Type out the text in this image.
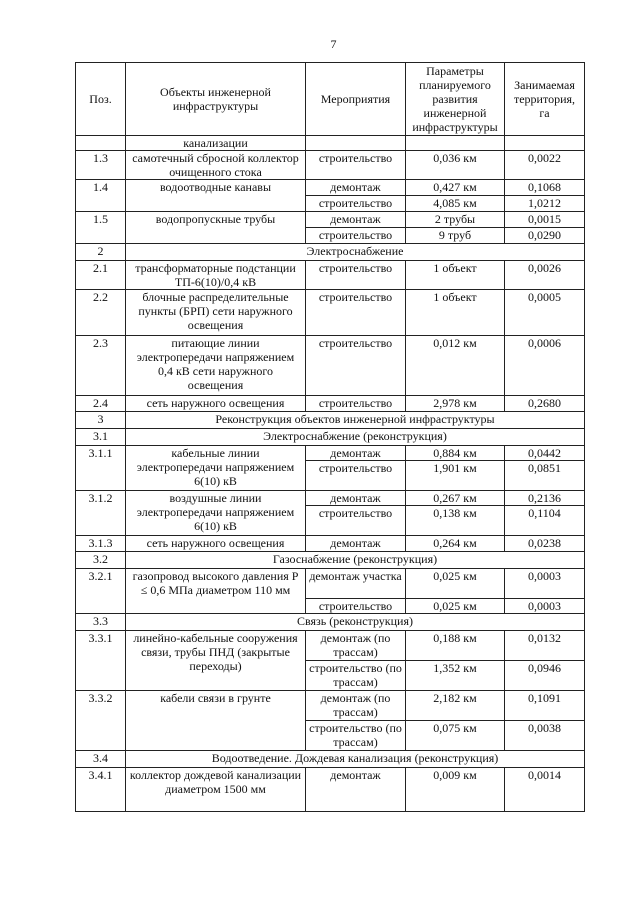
7
Поз.	Объекты инженерной инфраструктуры	Мероприятия	Параметры планируемого развития инженерной инфраструктуры	Занимаемая территория, га
	канализации			
1.3	самотечный сбросной коллектор очищенного стока	строительство	0,036 км	0,0022
1.4	водоотводные канавы	демонтаж	0,427 км	0,1068
		строительство	4,085 км	1,0212
1.5	водопропускные трубы	демонтаж	2 трубы	0,0015
		строительство	9 труб	0,0290
2	Электроснабжение			
2.1	трансформаторные подстанции ТП-6(10)/0,4 кВ	строительство	1 объект	0,0026
2.2	блочные распределительные пункты (БРП) сети наружного освещения	строительство	1 объект	0,0005
2.3	питающие линии электропередачи напряжением 0,4 кВ сети наружного освещения	строительство	0,012 км	0,0006
2.4	сеть наружного освещения	строительство	2,978 км	0,2680
3	Реконструкция объектов инженерной инфраструктуры			
3.1	Электроснабжение (реконструкция)			
3.1.1	кабельные линии электропередачи напряжением 6(10) кВ	демонтаж	0,884 км	0,0442
		строительство	1,901 км	0,0851
3.1.2	воздушные линии электропередачи напряжением 6(10) кВ	демонтаж	0,267 км	0,2136
		строительство	0,138 км	0,1104
3.1.3	сеть наружного освещения	демонтаж	0,264 км	0,0238
3.2	Газоснабжение (реконструкция)			
3.2.1	газопровод высокого давления P ≤ 0,6 МПа диаметром 110 мм	демонтаж участка	0,025 км	0,0003
		строительство	0,025 км	0,0003
3.3	Связь (реконструкция)			
3.3.1	линейно-кабельные сооружения связи, трубы ПНД (закрытые переходы)	демонтаж (по трассам)	0,188 км	0,0132
		строительство (по трассам)	1,352 км	0,0946
3.3.2	кабели связи в грунте	демонтаж (по трассам)	2,182 км	0,1091
		строительство (по трассам)	0,075 км	0,0038
3.4	Водоотведение. Дождевая канализация (реконструкция)			
3.4.1	коллектор дождевой канализации диаметром 1500 мм	демонтаж	0,009 км	0,0014
